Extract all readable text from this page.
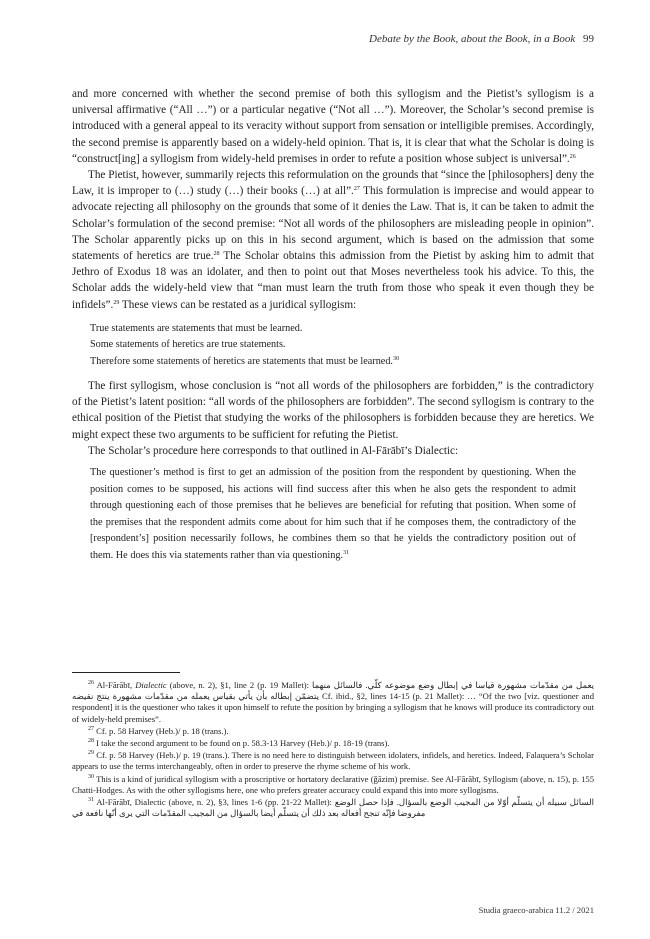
Debate by the Book, about the Book, in a Book 99

and more concerned with whether the second premise of both this syllogism and the Pietist’s syllogism is a universal affirmative (“All …”) or a particular negative (“Not all …”). Moreover, the Scholar’s second premise is introduced with a general appeal to its veracity without support from sensation or intelligible premises. Accordingly, the second premise is apparently based on a widely-held opinion. That is, it is clear that what the Scholar is doing is “construct[ing] a syllogism from widely-held premises in order to refute a position whose subject is universal”.$^{26}$

The Pietist, however, summarily rejects this reformulation on the grounds that “since the [philosophers] deny the Law, it is improper to (…) study (…) their books (…) at all”.$^{27}$ This formulation is imprecise and would appear to advocate rejecting all philosophy on the grounds that some of it denies the Law. That is, it can be taken to admit the Scholar’s formulation of the second premise: “Not all words of the philosophers are misleading people in opinion”. The Scholar apparently picks up on this in his second argument, which is based on the admission that some statements of heretics are true.$^{28}$ The Scholar obtains this admission from the Pietist by asking him to admit that Jethro of Exodus 18 was an idolater, and then to point out that Moses nevertheless took his advice. To this, the Scholar adds the widely-held view that “man must learn the truth from those who speak it even though they be infidels”.$^{29}$ These views can be restated as a juridical syllogism:

True statements are statements that must be learned.
Some statements of heretics are true statements.
Therefore some statements of heretics are statements that must be learned.$^{30}$

The first syllogism, whose conclusion is “not all words of the philosophers are forbidden,” is the contradictory of the Pietist’s latent position: “all words of the philosophers are forbidden”. The second syllogism is contrary to the ethical position of the Pietist that studying the works of the philosophers is forbidden because they are heretics. We might expect these two arguments to be sufficient for refuting the Pietist.

The Scholar’s procedure here corresponds to that outlined in Al-Fārābī’s Dialectic:

The questioner’s method is first to get an admission of the position from the respondent by questioning. When the position comes to be supposed, his actions will find success after this when he also gets the respondent to admit through questioning each of those premises that he believes are beneficial for refuting that position. When some of the premises that the respondent admits come about for him such that if he composes them, the contradictory of the [respondent’s] position necessarily follows, he combines them so that he yields the contradictory position out of them. He does this via statements rather than via questioning.$^{31}$
$^{26}$ Al-Fārābī, Dialectic (above, n. 2), §1, line 2 (p. 19 Mallet): يعمل من مقدّمات مشهورة قياسا في إبطال وضع موضوعه كلّي. فالسائل منهما يتضمّن إبطاله بأن يأتي بقياس يعمله من مقدّمات مشهورة ينتج نقيضه Cf. ibid., §2, lines 14-15 (p. 21 Mallet): … “Of the two [viz. questioner and respondent] it is the questioner who takes it upon himself to refute the position by bringing a syllogism that he knows will produce its contradictory out of widely-held premises”.
$^{27}$ Cf. p. 58 Harvey (Heb.)/ p. 18 (trans.).
$^{28}$ I take the second argument to be found on p. 58.3-13 Harvey (Heb.)/ p. 18-19 (trans).
$^{29}$ Cf. p. 58 Harvey (Heb.)/ p. 19 (trans.). There is no need here to distinguish between idolaters, infidels, and heretics. Indeed, Falaquera’s Scholar appears to use the terms interchangeably, often in order to preserve the rhyme scheme of his work.
$^{30}$ This is a kind of juridical syllogism with a proscriptive or hortatory declarative (ǧāzim) premise. See Al-Fārābī, Syllogism (above, n. 15), p. 155 Chatti-Hodges. As with the other syllogisms here, one who prefers greater accuracy could expand this into more syllogisms.
$^{31}$ Al-Fārābī, Dialectic (above, n. 2), §3, lines 1-6 (pp. 21-22 Mallet): السائل سبيله أن يتسلّم أوّلا من المجيب الوضع بالسؤال. فإذا حصل الوضع مفروضا فإنّه تنجح أفعاله بعد ذلك أن يتسلّم أيضا بالسؤال من المجيب المقدّمات التي يرى أنّها نافعة في
Studia graeco-arabica 11.2 / 2021
